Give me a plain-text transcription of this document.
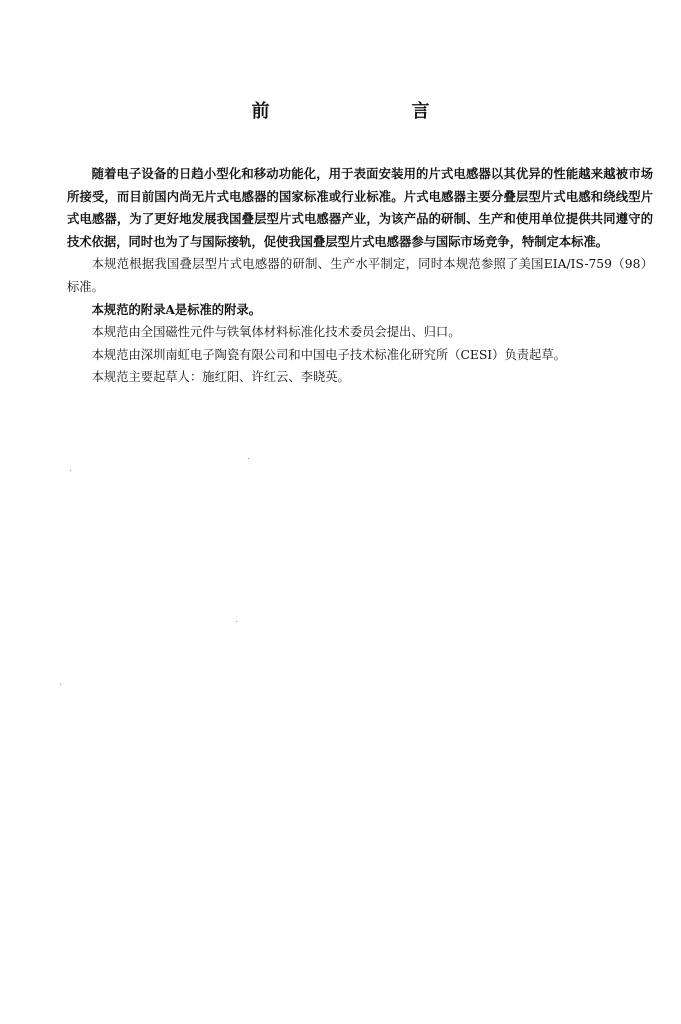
前　言

随着电子设备的日趋小型化和移动功能化，用于表面安装用的片式电感器以其优异的性能越来越被市场所接受，而目前国内尚无片式电感器的国家标准或行业标准。片式电感器主要分叠层型片式电感和绕线型片式电感器，为了更好地发展我国叠层型片式电感器产业，为该产品的研制、生产和使用单位提供共同遵守的技术依据，同时也为了与国际接轨，促使我国叠层型片式电感器参与国际市场竞争，特制定本标准。

本规范根据我国叠层型片式电感器的研制、生产水平制定，同时本规范参照了美国EIA/IS-759（98）标准。

本规范的附录A是标准的附录。

本规范由全国磁性元件与铁氧体材料标准化技术委员会提出、归口。

本规范由深圳南虹电子陶瓷有限公司和中国电子技术标准化研究所（CESI）负责起草。

本规范主要起草人：施红阳、许红云、李晓英。
